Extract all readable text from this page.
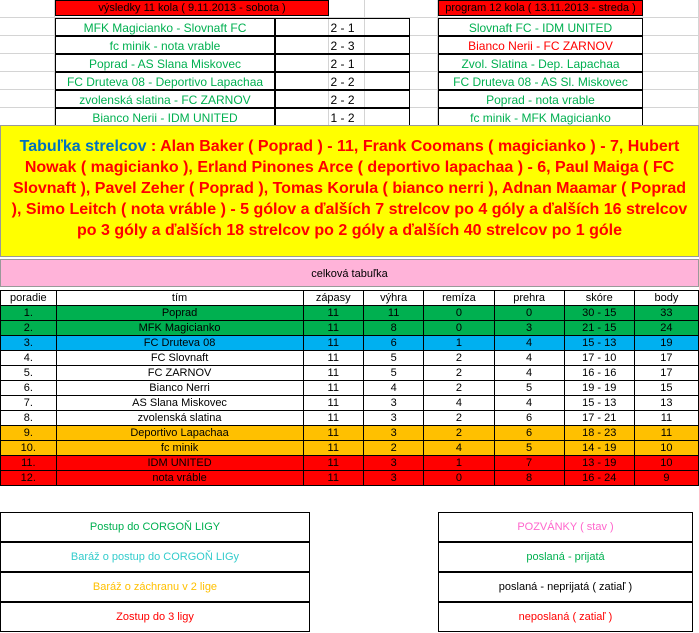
výsledky 11 kola ( 9.11.2013 - sobota )	program 12 kola ( 13.11.2013 - streda )
MFK Magicianko - Slovnaft FC	2 - 1
fc minik - nota vrable	2 - 3
Poprad - AS Slana Miskovec	2 - 1
FC Druteva 08 - Deportivo Lapachaa	2 - 2
zvolenská slatina - FC ZARNOV	2 - 2
Bianco Nerii - IDM UNITED	1 - 2
Slovnaft FC - IDM UNITED
Bianco Nerii - FC ZARNOV
Zvol. Slatina - Dep. Lapachaa
FC Druteva 08 - AS Sl. Miskovec
Poprad - nota vrable
fc minik - MFK Magicianko
Tabuľka strelcov : Alan Baker ( Poprad ) - 11, Frank Coomans ( magicianko ) - 7, Hubert Nowak ( magicianko ), Erland Pinones Arce ( deportivo lapachaa ) - 6, Paul Maiga ( FC Slovnaft ), Pavel Zeher ( Poprad ), Tomas Korula ( bianco nerri ), Adnan Maamar ( Poprad ), Simo Leitch ( nota vráble ) - 5 gólov a ďalších 7 strelcov po 4 góly a ďalších 16 strelcov po 3 góly a ďalších 18 strelcov po 2 góly a ďalších 40 strelcov po 1 góle
celková tabuľka
poradie	tím	zápasy	výhra	remíza	prehra	skóre	body
1.	Poprad	11	11	0	0	30 - 15	33
2.	MFK Magicianko	11	8	0	3	21 - 15	24
3.	FC Druteva 08	11	6	1	4	15 - 13	19
4.	FC Slovnaft	11	5	2	4	17 - 10	17
5.	FC ZARNOV	11	5	2	4	16 - 16	17
6.	Bianco Nerri	11	4	2	5	19 - 19	15
7.	AS Slana Miskovec	11	3	4	4	15 - 13	13
8.	zvolenská slatina	11	3	2	6	17 - 21	11
9.	Deportivo Lapachaa	11	3	2	6	18 - 23	11
10.	fc minik	11	2	4	5	14 - 19	10
11.	IDM UNITED	11	3	1	7	13 - 19	10
12.	nota vráble	11	3	0	8	16 - 24	9
Postup do CORGOŇ LIGY
Baráž o postup do CORGOŇ LIGy
Baráž o záchranu v 2 lige
Zostup do 3 ligy
POZVÁNKY ( stav )
poslaná - prijatá
poslaná - neprijatá ( zatiaľ )
neposlaná ( zatiaľ )
